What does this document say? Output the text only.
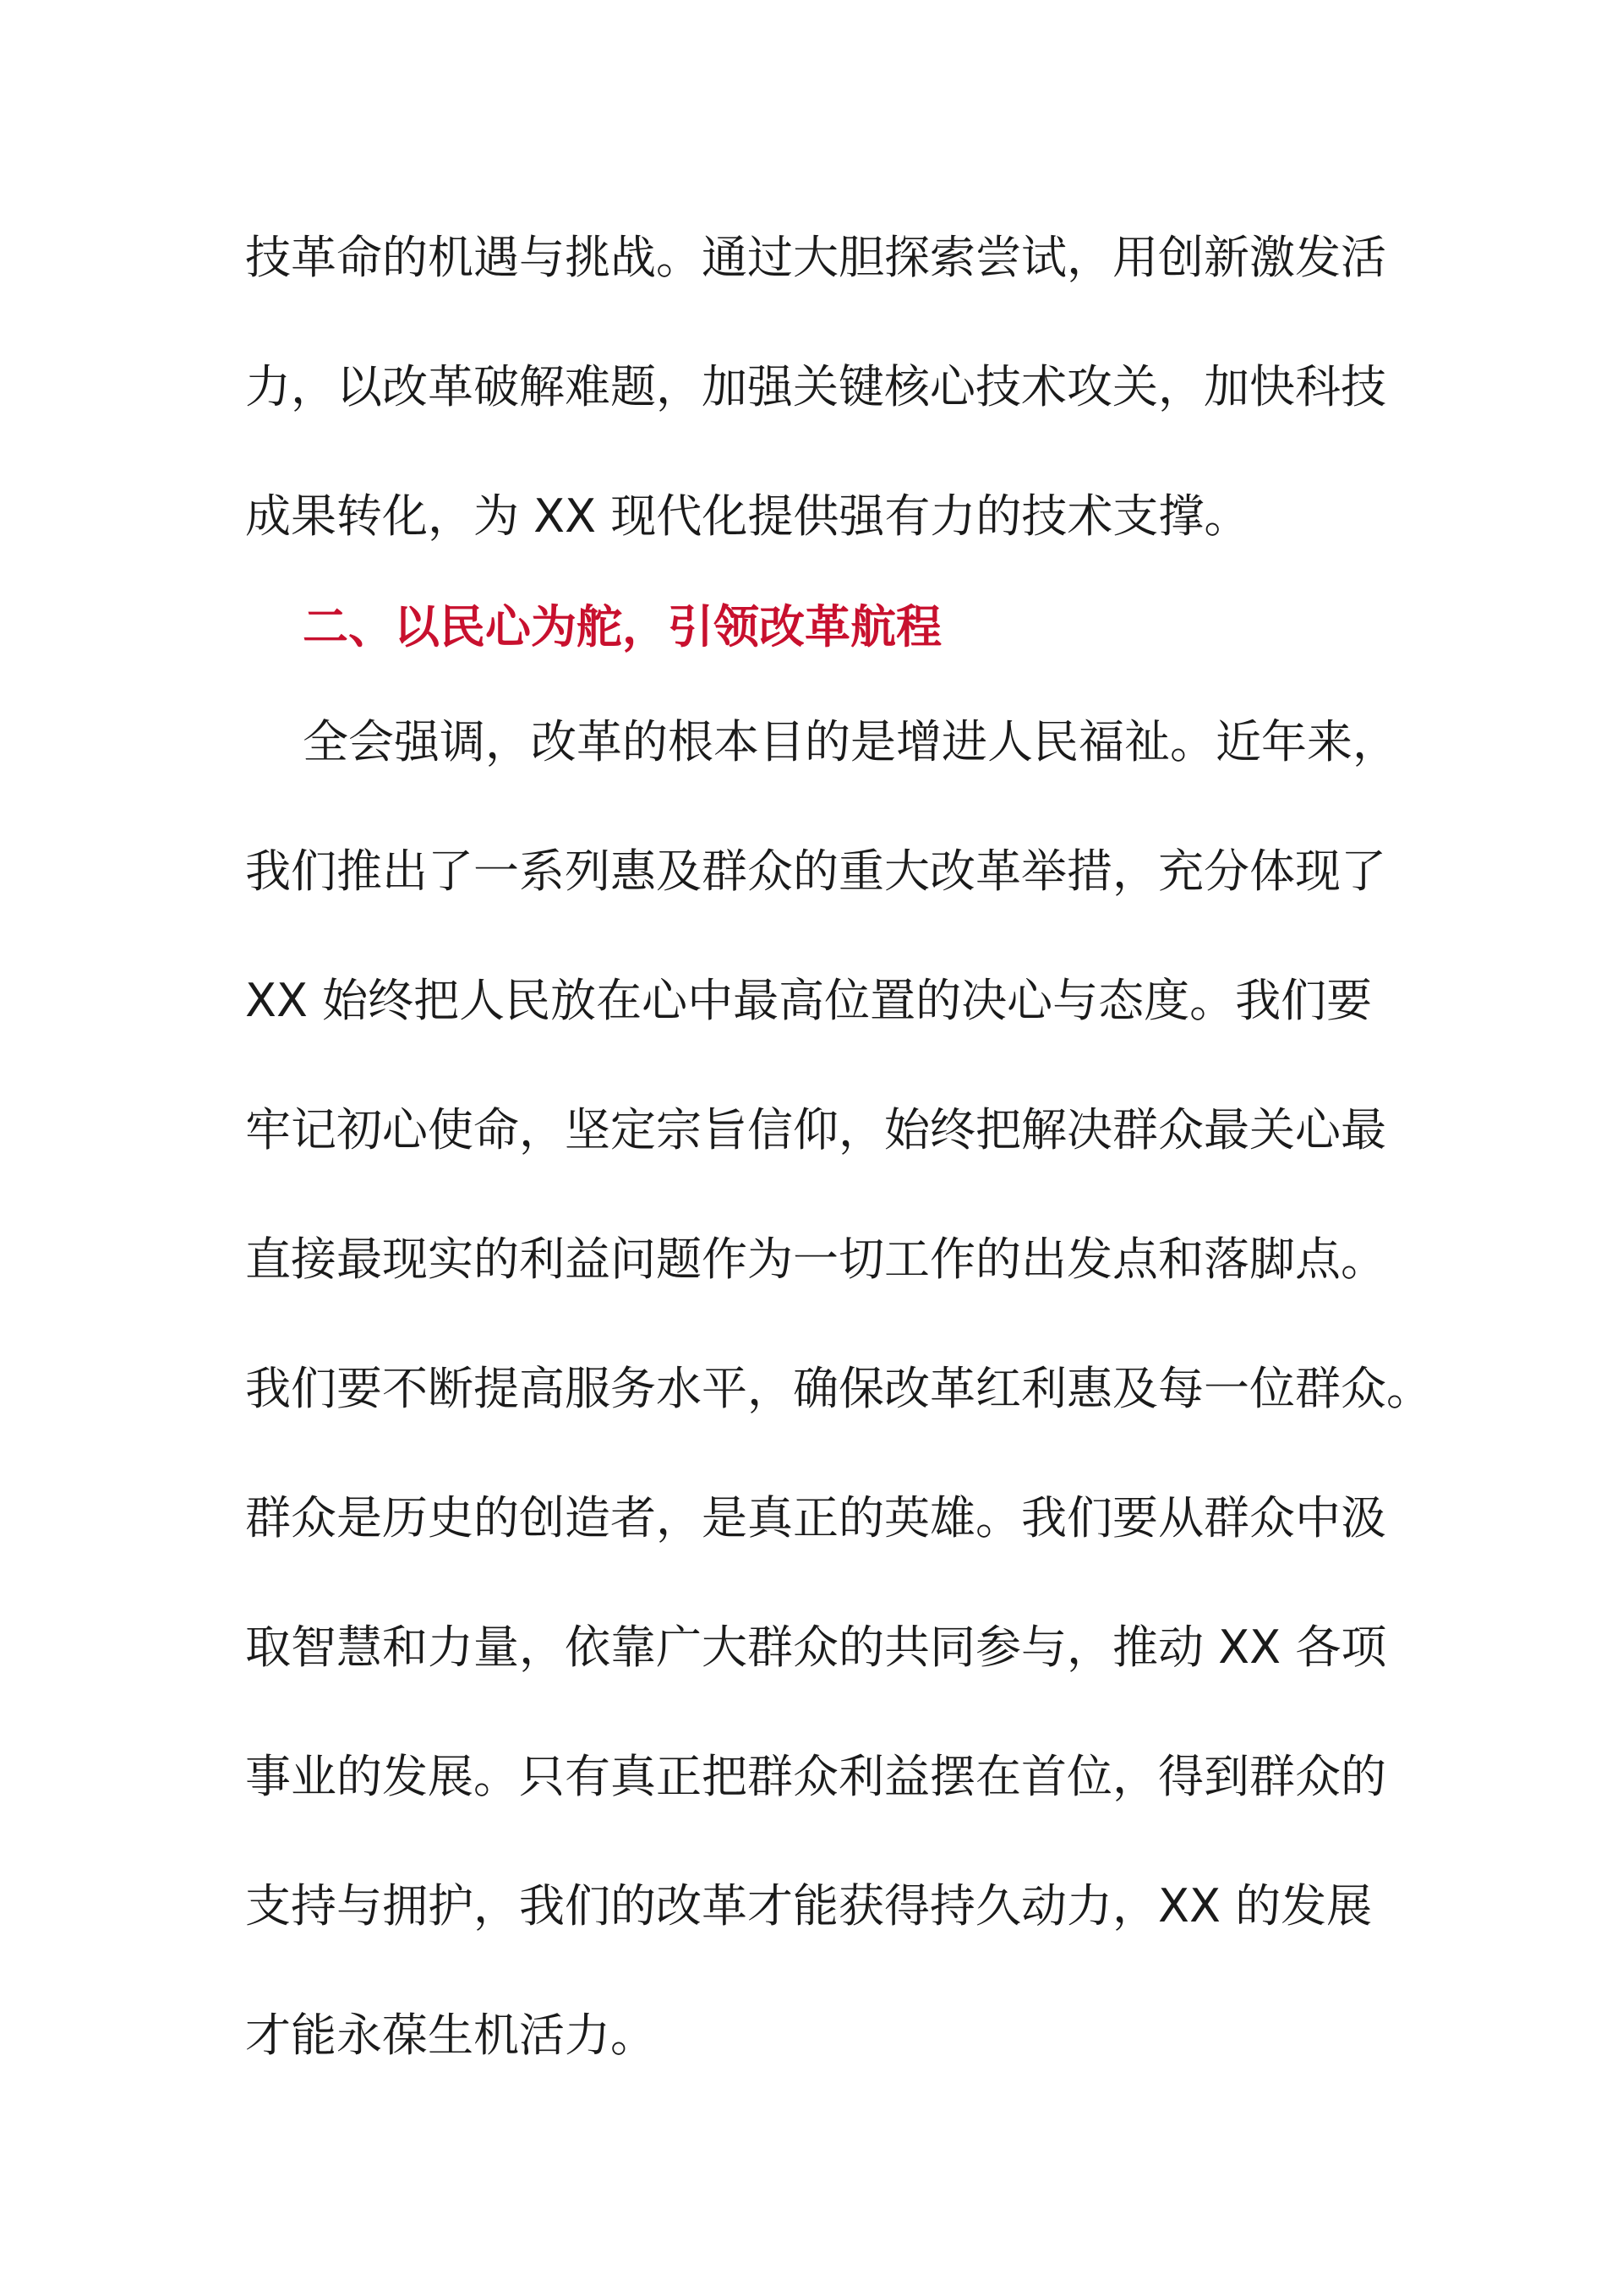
技革命的机遇与挑战。通过大胆探索尝试，用创新激发活
力，以改革破解难题，加强关键核心技术攻关，加快科技
成果转化，为 XX 现代化提供强有力的技术支撑。
二、以民心为舵，引领改革航程
全会强调，改革的根本目的是增进人民福祉。近年来，
我们推出了一系列惠及群众的重大改革举措，充分体现了
XX 始终把人民放在心中最高位置的决心与态度。我们要
牢记初心使命，坚定宗旨信仰，始终把解决群众最关心最
直接最现实的利益问题作为一切工作的出发点和落脚点。
我们要不断提高服务水平，确保改革红利惠及每一位群众。
群众是历史的创造者，是真正的英雄。我们要从群众中汲
取智慧和力量，依靠广大群众的共同参与，推动 XX 各项
事业的发展。只有真正把群众利益摆在首位，得到群众的
支持与拥护，我们的改革才能获得持久动力，XX 的发展
才能永葆生机活力。
